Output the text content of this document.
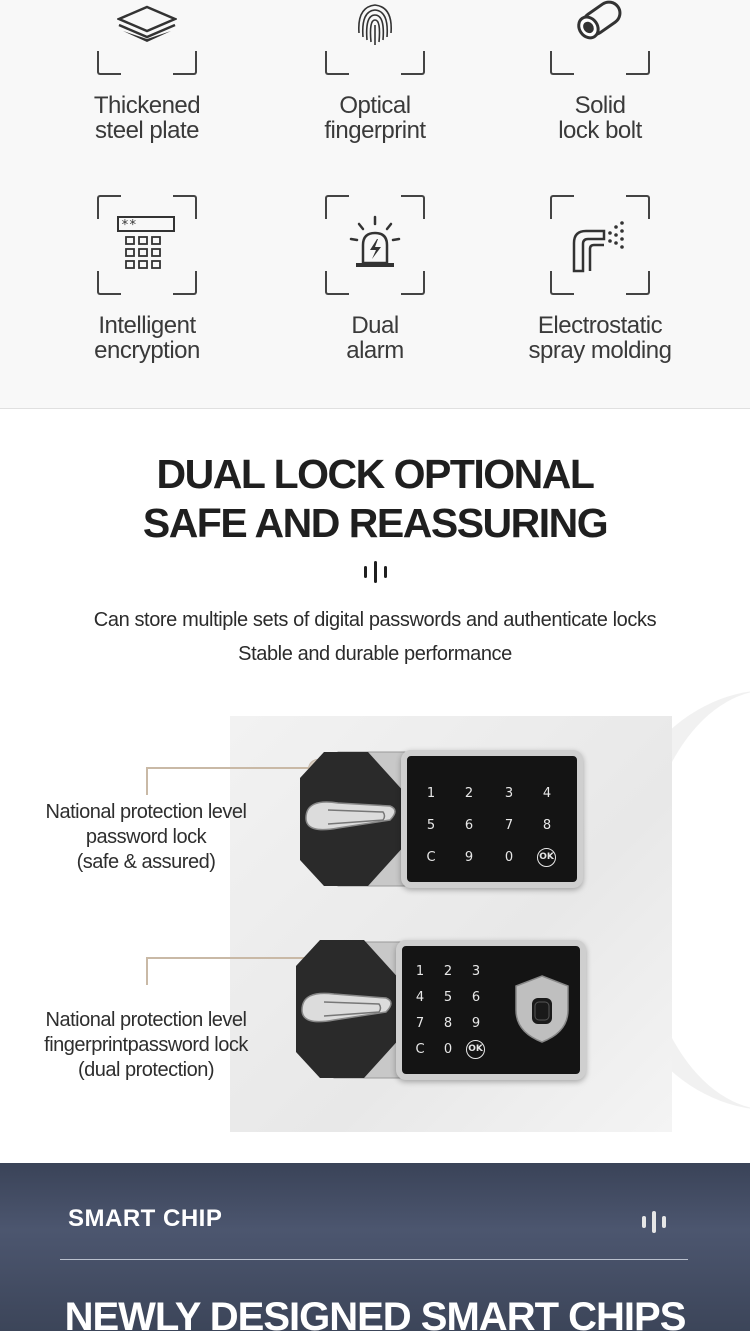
Thickened
steel plate
Optical
fingerprint
Solid
lock bolt
**
Intelligent
encryption
Dual
alarm
Electrostatic
spray molding
DUAL LOCK OPTIONAL
SAFE AND REASSURING
Can store multiple sets of digital passwords and authenticate locks
Stable and durable performance
National protection level
password lock
(safe & assured)
National protection level
fingerprintpassword lock
(dual protection)
1	2	3	4
5	6	7	8
C	9	0	OK
1	2	3
4	5	6
7	8	9
C	0	OK
SMART CHIP
NEWLY DESIGNED SMART CHIPS
